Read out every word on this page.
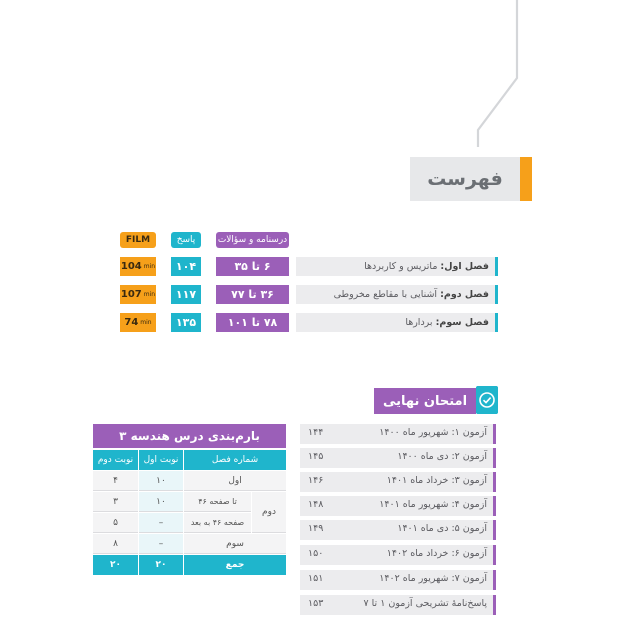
فهرست
درسنامه‌ و سؤالات
پاسخ
FILM
فصل اول:
ماتریس و کاربردها
۶ تا ۳۵
۱۰۴
104 min
فصل دوم:
آشنایی با مقاطع مخروطی
۳۶ تا ۷۷
۱۱۷
107 min
فصل سوم:
بردارها
۷۸ تا ۱۰۱
۱۳۵
74 min
امتحان نهایی
آزمون ۱: شهریور ماه ۱۴۰۰
۱۴۴
آزمون ۲: دی ماه ۱۴۰۰
۱۴۵
آزمون ۳: خرداد ماه ۱۴۰۱
۱۴۶
آزمون ۴: شهریور ماه ۱۴۰۱
۱۴۸
آزمون ۵: دی ماه ۱۴۰۱
۱۴۹
آزمون ۶: خرداد ماه ۱۴۰۲
۱۵۰
آزمون ۷: شهریور ماه ۱۴۰۲
۱۵۱
پاسخ‌نامهٔ تشریحی آزمون ۱ تا ۷
۱۵۳
بارم‌بندی درس هندسه ۳
شماره فصل
نوبت اول
نوبت دوم
اول
۱۰
۴
دوم
تا صفحه ۴۶
۱۰
۳
صفحه ۴۶ به بعد
–
۵
سوم
–
۸
جمع
۲۰
۲۰
